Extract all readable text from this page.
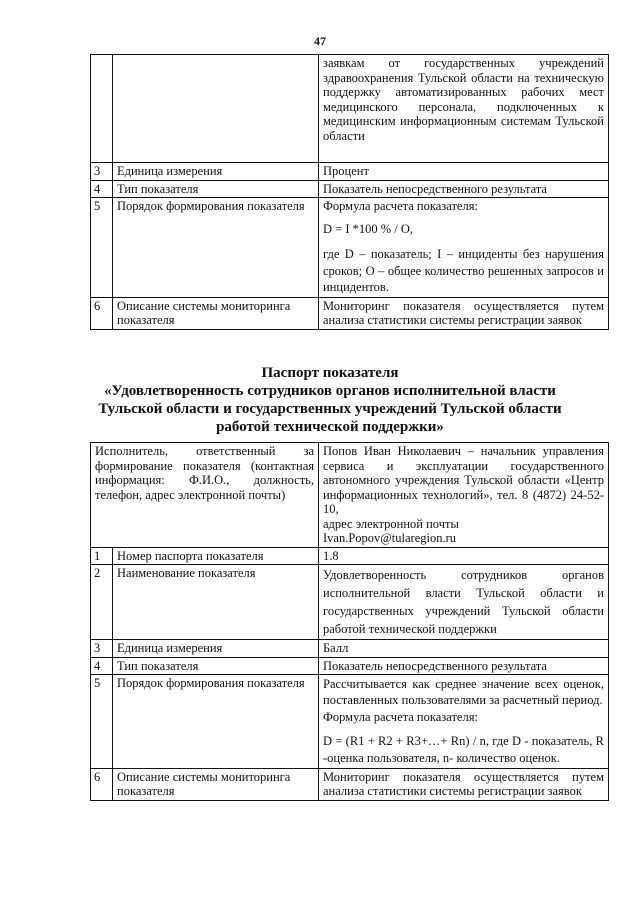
47
		заявкам от государственных учреждений здравоохранения Тульской области на техническую поддержку автоматизированных рабочих мест медицинского персонала, подключенных к медицинским информационным системам Тульской области
3	Единица измерения	Процент
4	Тип показателя	Показатель непосредственного результата
5	Порядок формирования показателя	Формула расчета показателя:
D = I *100 % / O,
где D – показатель; I – инциденты без нарушения сроков; O – общее количество решенных запросов и инцидентов.

6	Описание системы мониторинга показателя	Мониторинг показателя осуществляется путем анализа статистики системы регистрации заявок
Паспорт показателя
«Удовлетворенность сотрудников органов исполнительной власти
Тульской области и государственных учреждений Тульской области
работой технической поддержки»
Исполнитель, ответственный за формирование показателя (контактная информация: Ф.И.О., должность, телефон, адрес электронной почты)		Попов Иван Николаевич – начальник управления сервиса и эксплуатации государственного автономного учреждения Тульской области «Центр информационных технологий», тел. 8 (4872) 24-52-10,
адрес электронной почты
Ivan.Popov@tularegion.ru

1	Номер паспорта показателя	1.8
2	Наименование показателя	Удовлетворенность сотрудников органов исполнительной власти Тульской области и государственных учреждений Тульской области работой технической поддержки
3	Единица измерения	Балл
4	Тип показателя	Показатель непосредственного результата
5	Порядок формирования показателя	Рассчитывается как среднее значение всех оценок, поставленных пользователями за расчетный период.
Формула расчета показателя:
D = (R1 + R2 + R3+…+ Rn) / n, где D - показатель, R -оценка пользователя, n- количество оценок.

6	Описание системы мониторинга показателя	Мониторинг показателя осуществляется путем анализа статистики системы регистрации заявок
